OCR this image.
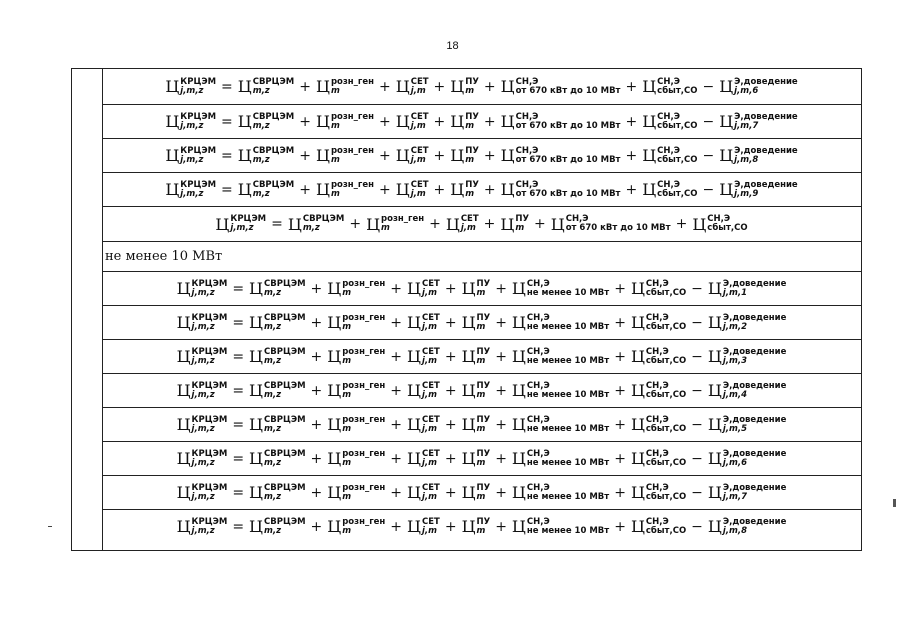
18
Ц КРЦЭМ
j,m,z	= Ц СВРЦЭМ
m,z	+ Ц розн_ген
m	+ Ц СЕТ
j,m + Ц ПУ
m + Ц СН,Э
от 670 кВт до 10 МВт + Ц СН,Э
сбыт,СО − Ц Э,доведение
j,m,6
Ц КРЦЭМ
j,m,z	= Ц СВРЦЭМ
m,z	+ Ц розн_ген
m	+ Ц СЕТ
j,m + Ц ПУ
m + Ц СН,Э
от 670 кВт до 10 МВт + Ц СН,Э
сбыт,СО − Ц Э,доведение
j,m,7
Ц КРЦЭМ
j,m,z	= Ц СВРЦЭМ
m,z	+ Ц розн_ген
m	+ Ц СЕТ
j,m + Ц ПУ
m + Ц СН,Э
от 670 кВт до 10 МВт + Ц СН,Э
сбыт,СО − Ц Э,доведение
j,m,8
Ц КРЦЭМ
j,m,z	= Ц СВРЦЭМ
m,z	+ Ц розн_ген
m	+ Ц СЕТ
j,m + Ц ПУ
m + Ц СН,Э
от 670 кВт до 10 МВт + Ц СН,Э
сбыт,СО − Ц Э,доведение
j,m,9
Ц КРЦЭМ
j,m,z	= Ц СВРЦЭМ
m,z	+ Ц розн_ген
m	+ Ц СЕТ
j,m + Ц ПУ
m + Ц СН,Э
от 670 кВт до 10 МВт + Ц СН,Э
сбыт,СО
не менее 10 МВт
Ц КРЦЭМ
j,m,z	= Ц СВРЦЭМ
m,z	+ Ц розн_ген
m	+ Ц СЕТ
j,m + Ц ПУ
m + Ц СН,Э
не менее 10 МВт + Ц СН,Э
сбыт,СО − Ц Э,доведение
j,m,1
Ц КРЦЭМ
j,m,z	= Ц СВРЦЭМ
m,z	+ Ц розн_ген
m	+ Ц СЕТ
j,m + Ц ПУ
m + Ц СН,Э
не менее 10 МВт + Ц СН,Э
сбыт,СО − Ц Э,доведение
j,m,2
Ц КРЦЭМ
j,m,z	= Ц СВРЦЭМ
m,z	+ Ц розн_ген
m	+ Ц СЕТ
j,m + Ц ПУ
m + Ц СН,Э
не менее 10 МВт + Ц СН,Э
сбыт,СО − Ц Э,доведение
j,m,3
Ц КРЦЭМ
j,m,z	= Ц СВРЦЭМ
m,z	+ Ц розн_ген
m	+ Ц СЕТ
j,m + Ц ПУ
m + Ц СН,Э
не менее 10 МВт + Ц СН,Э
сбыт,СО − Ц Э,доведение
j,m,4
Ц КРЦЭМ
j,m,z	= Ц СВРЦЭМ
m,z	+ Ц розн_ген
m	+ Ц СЕТ
j,m + Ц ПУ
m + Ц СН,Э
не менее 10 МВт + Ц СН,Э
сбыт,СО − Ц Э,доведение
j,m,5
Ц КРЦЭМ
j,m,z	= Ц СВРЦЭМ
m,z	+ Ц розн_ген
m	+ Ц СЕТ
j,m + Ц ПУ
m + Ц СН,Э
не менее 10 МВт + Ц СН,Э
сбыт,СО − Ц Э,доведение
j,m,6
Ц КРЦЭМ
j,m,z	= Ц СВРЦЭМ
m,z	+ Ц розн_ген
m	+ Ц СЕТ
j,m + Ц ПУ
m + Ц СН,Э
не менее 10 МВт + Ц СН,Э
сбыт,СО − Ц Э,доведение
j,m,7
Ц КРЦЭМ
j,m,z	= Ц СВРЦЭМ
m,z	+ Ц розн_ген
m	+ Ц СЕТ
j,m + Ц ПУ
m + Ц СН,Э
не менее 10 МВт + Ц СН,Э
сбыт,СО − Ц Э,доведение
j,m,8
